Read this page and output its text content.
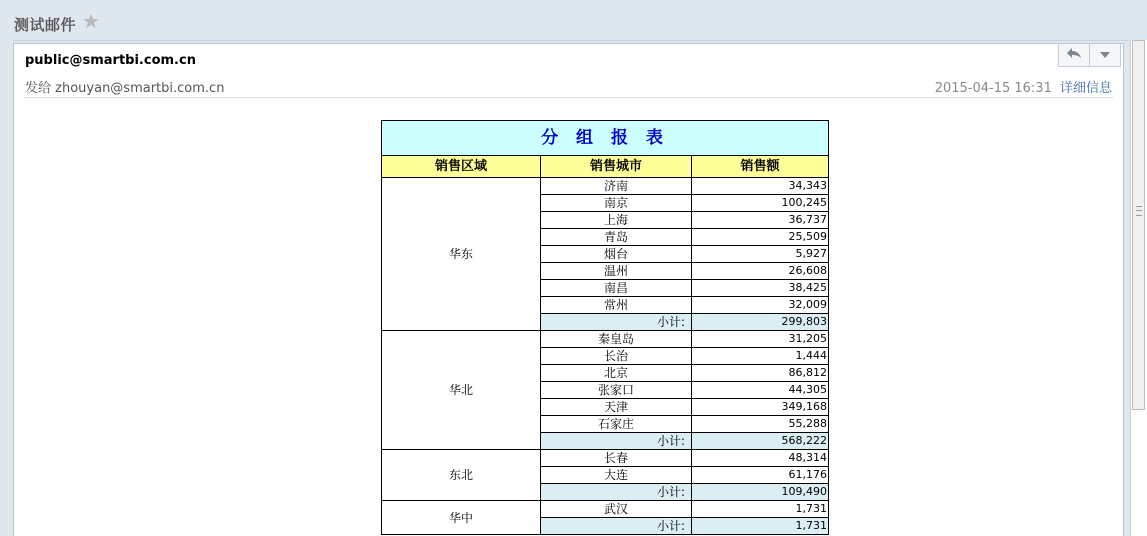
测试邮件 ★
public@smartbi.com.cn
发给 zhouyan@smartbi.com.cn	2015-04-15 16:31 详细信息
分 组 报 表		
销售区域	销售城市	销售额
华东	济南	34,343
	南京	100,245
	上海	36,737
	青岛	25,509
	烟台	5,927
	温州	26,608
	南昌	38,425
	常州	32,009
	小计:	299,803
华北	秦皇岛	31,205
	长治	1,444
	北京	86,812
	张家口	44,305
	天津	349,168
	石家庄	55,288
	小计:	568,222
东北	长春	48,314
	大连	61,176
	小计:	109,490
华中	武汉	1,731
	小计:	1,731
